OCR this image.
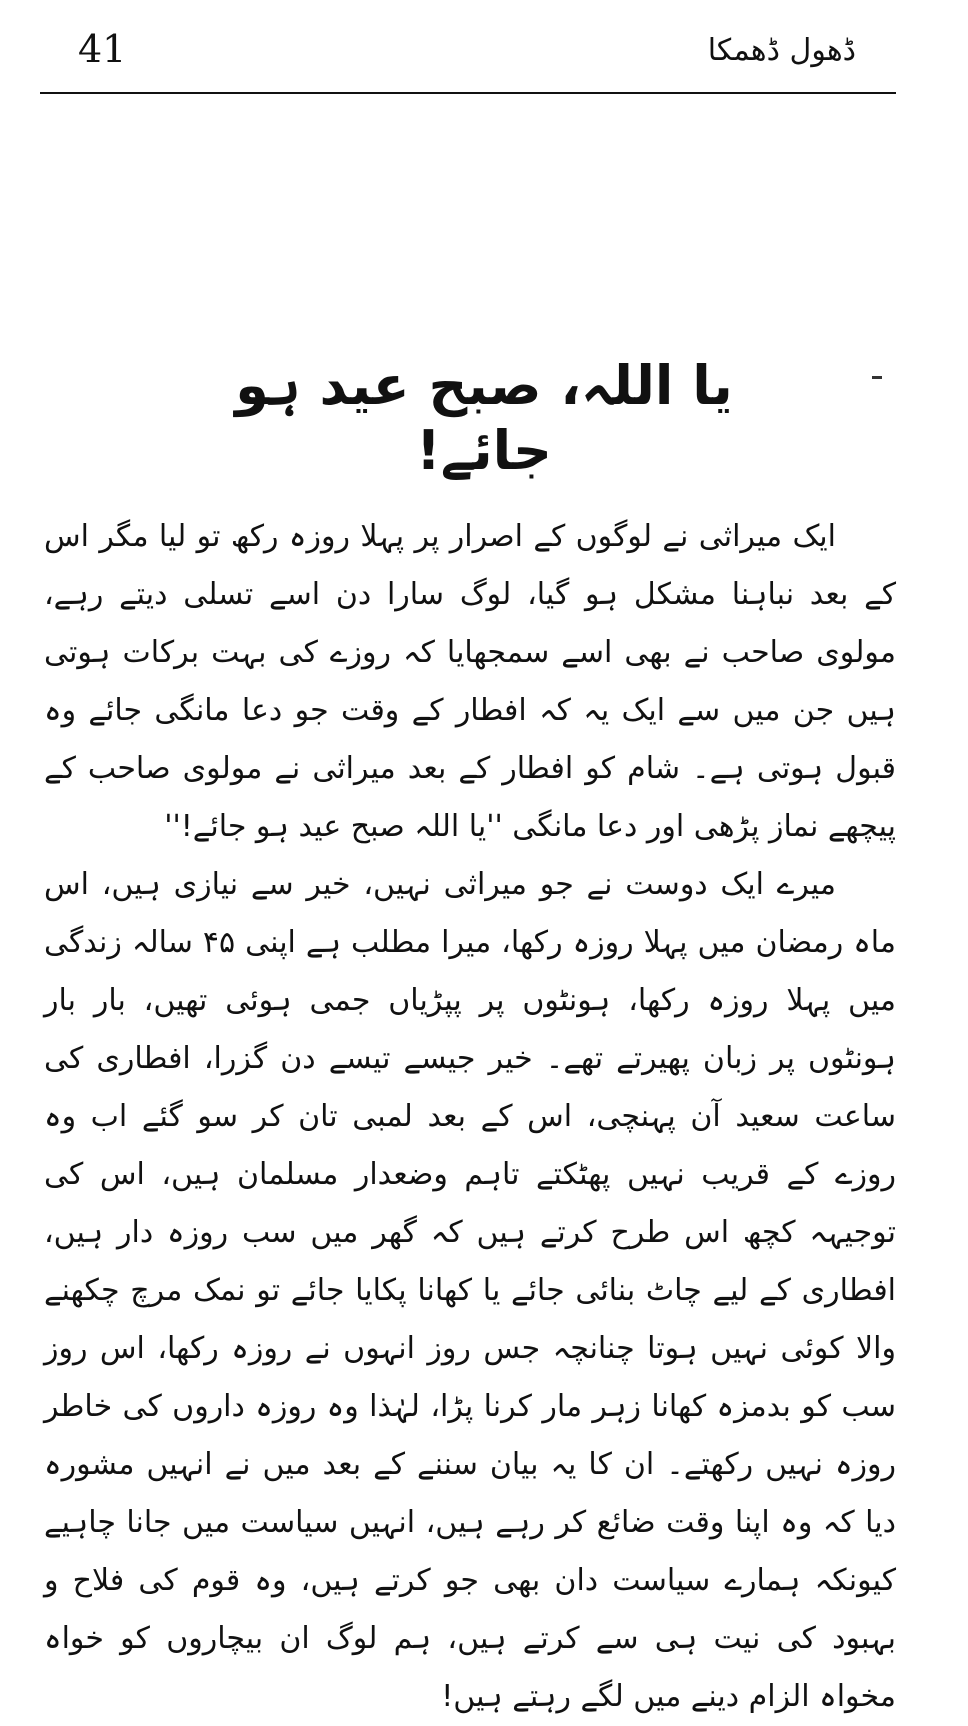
41	ڈھول ڈھمکا
یا اللہ، صبح عید ہو جائے!

ایک میراثی نے لوگوں کے اصرار پر پہلا روزہ رکھ تو لیا مگر اس کے بعد نباہنا مشکل ہو گیا، لوگ سارا دن اسے تسلی دیتے رہے، مولوی صاحب نے بھی اسے سمجھایا کہ روزے کی بہت برکات ہوتی ہیں جن میں سے ایک یہ کہ افطار کے وقت جو دعا مانگی جائے وہ قبول ہوتی ہے۔ شام کو افطار کے بعد میراثی نے مولوی صاحب کے پیچھے نماز پڑھی اور دعا مانگی ''یا اللہ صبح عید ہو جائے!''

میرے ایک دوست نے جو میراثی نہیں، خیر سے نیازی ہیں، اس ماہ رمضان میں پہلا روزہ رکھا، میرا مطلب ہے اپنی ۴۵ سالہ زندگی میں پہلا روزہ رکھا، ہونٹوں پر پپڑیاں جمی ہوئی تھیں، بار بار ہونٹوں پر زبان پھیرتے تھے۔ خیر جیسے تیسے دن گزرا، افطاری کی ساعت سعید آن پہنچی، اس کے بعد لمبی تان کر سو گئے اب وہ روزے کے قریب نہیں پھٹکتے تاہم وضعدار مسلمان ہیں، اس کی توجیہہ کچھ اس طرح کرتے ہیں کہ گھر میں سب روزہ دار ہیں، افطاری کے لیے چاٹ بنائی جائے یا کھانا پکایا جائے تو نمک مرچ چکھنے والا کوئی نہیں ہوتا چنانچہ جس روز انہوں نے روزہ رکھا، اس روز سب کو بدمزہ کھانا زہر مار کرنا پڑا، لہٰذا وہ روزہ داروں کی خاطر روزہ نہیں رکھتے۔ ان کا یہ بیان سننے کے بعد میں نے انہیں مشورہ دیا کہ وہ اپنا وقت ضائع کر رہے ہیں، انہیں سیاست میں جانا چاہیے کیونکہ ہمارے سیاست دان بھی جو کرتے ہیں، وہ قوم کی فلاح و بہبود کی نیت ہی سے کرتے ہیں، ہم لوگ ان بیچاروں کو خواہ مخواہ الزام دینے میں لگے رہتے ہیں!
